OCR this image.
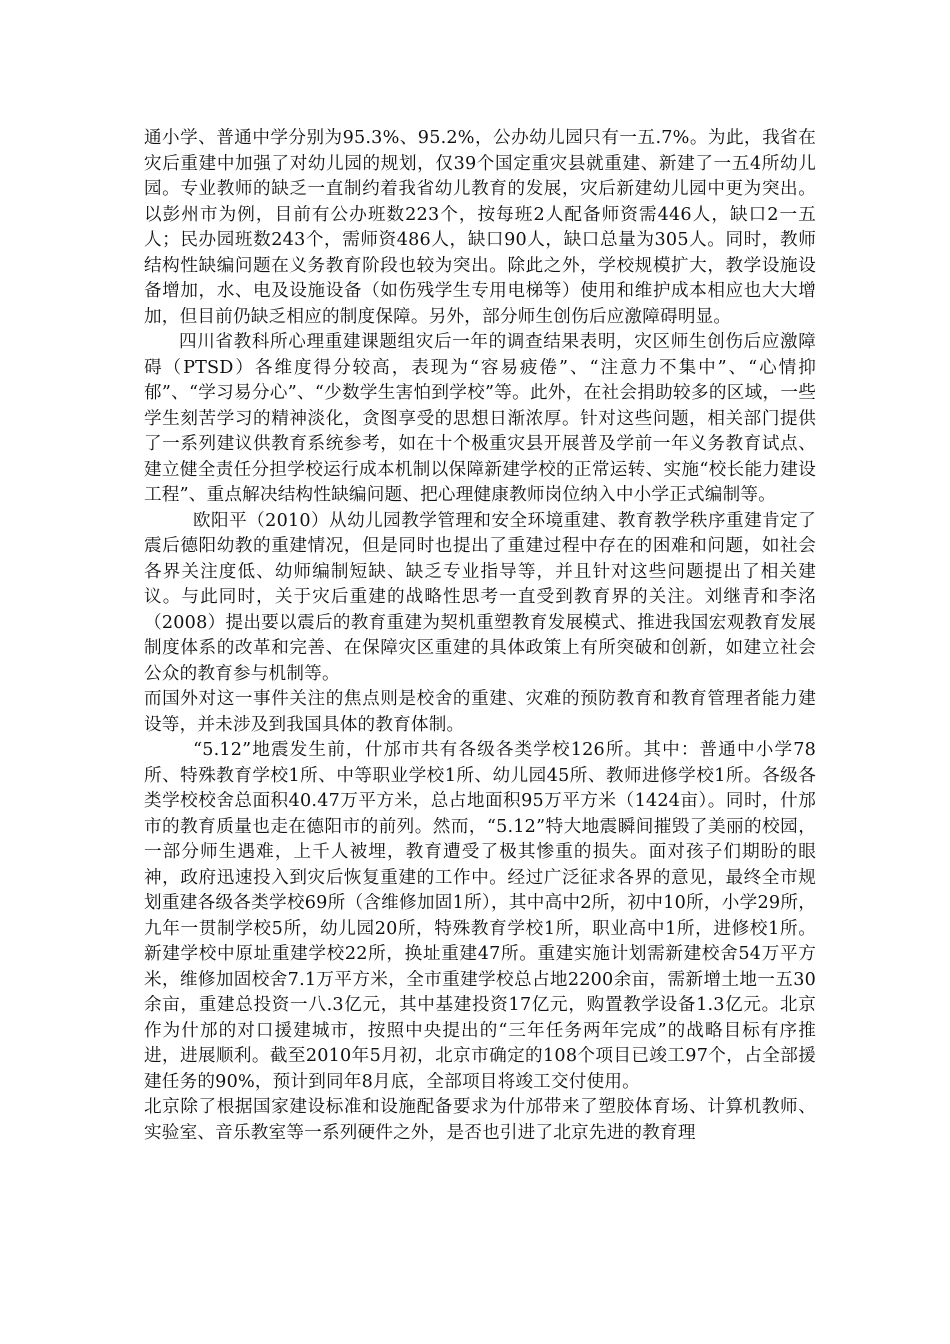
通小学、普通中学分别为95.3%、95.2%，公办幼儿园只有一五.7%。为此，我省在灾后重建中加强了对幼儿园的规划，仅39个国定重灾县就重建、新建了一五4所幼儿园。专业教师的缺乏一直制约着我省幼儿教育的发展，灾后新建幼儿园中更为突出。以彭州市为例，目前有公办班数223个，按每班2人配备师资需446人，缺口2一五人；民办园班数243个，需师资486人，缺口90人，缺口总量为305人。同时，教师结构性缺编问题在义务教育阶段也较为突出。除此之外，学校规模扩大，教学设施设备增加，水、电及设施设备（如伤残学生专用电梯等）使用和维护成本相应也大大增加，但目前仍缺乏相应的制度保障。另外，部分师生创伤后应激障碍明显。

四川省教科所心理重建课题组灾后一年的调查结果表明，灾区师生创伤后应激障碍（PTSD）各维度得分较高，表现为“容易疲倦”、“注意力不集中”、“心情抑郁”、“学习易分心”、“少数学生害怕到学校”等。此外，在社会捐助较多的区域，一些学生刻苦学习的精神淡化，贪图享受的思想日渐浓厚。针对这些问题，相关部门提供了一系列建议供教育系统参考，如在十个极重灾县开展普及学前一年义务教育试点、建立健全责任分担学校运行成本机制以保障新建学校的正常运转、实施“校长能力建设工程”、重点解决结构性缺编问题、把心理健康教师岗位纳入中小学正式编制等。

欧阳平（2010）从幼儿园教学管理和安全环境重建、教育教学秩序重建肯定了震后德阳幼教的重建情况，但是同时也提出了重建过程中存在的困难和问题，如社会各界关注度低、幼师编制短缺、缺乏专业指导等，并且针对这些问题提出了相关建议。与此同时，关于灾后重建的战略性思考一直受到教育界的关注。刘继青和李洺（2008）提出要以震后的教育重建为契机重塑教育发展模式、推进我国宏观教育发展制度体系的改革和完善、在保障灾区重建的具体政策上有所突破和创新，如建立社会公众的教育参与机制等。

而国外对这一事件关注的焦点则是校舍的重建、灾难的预防教育和教育管理者能力建设等，并未涉及到我国具体的教育体制。

“5.12”地震发生前，什邡市共有各级各类学校126所。其中：普通中小学78所、特殊教育学校1所、中等职业学校1所、幼儿园45所、教师进修学校1所。各级各类学校校舍总面积40.47万平方米，总占地面积95万平方米（1424亩）。同时，什邡市的教育质量也走在德阳市的前列。然而，“5.12”特大地震瞬间摧毁了美丽的校园，一部分师生遇难，上千人被埋，教育遭受了极其惨重的损失。面对孩子们期盼的眼神，政府迅速投入到灾后恢复重建的工作中。经过广泛征求各界的意见，最终全市规划重建各级各类学校69所（含维修加固1所），其中高中2所，初中10所，小学29所，九年一贯制学校5所，幼儿园20所，特殊教育学校1所，职业高中1所，进修校1所。新建学校中原址重建学校22所，换址重建47所。重建实施计划需新建校舍54万平方米，维修加固校舍7.1万平方米，全市重建学校总占地2200余亩，需新增土地一五30余亩，重建总投资一八.3亿元，其中基建投资17亿元，购置教学设备1.3亿元。北京作为什邡的对口援建城市，按照中央提出的“三年任务两年完成”的战略目标有序推进，进展顺利。截至2010年5月初，北京市确定的108个项目已竣工97个，占全部援建任务的90%，预计到同年8月底，全部项目将竣工交付使用。

北京除了根据国家建设标准和设施配备要求为什邡带来了塑胶体育场、计算机教师、实验室、音乐教室等一系列硬件之外，是否也引进了北京先进的教育理
